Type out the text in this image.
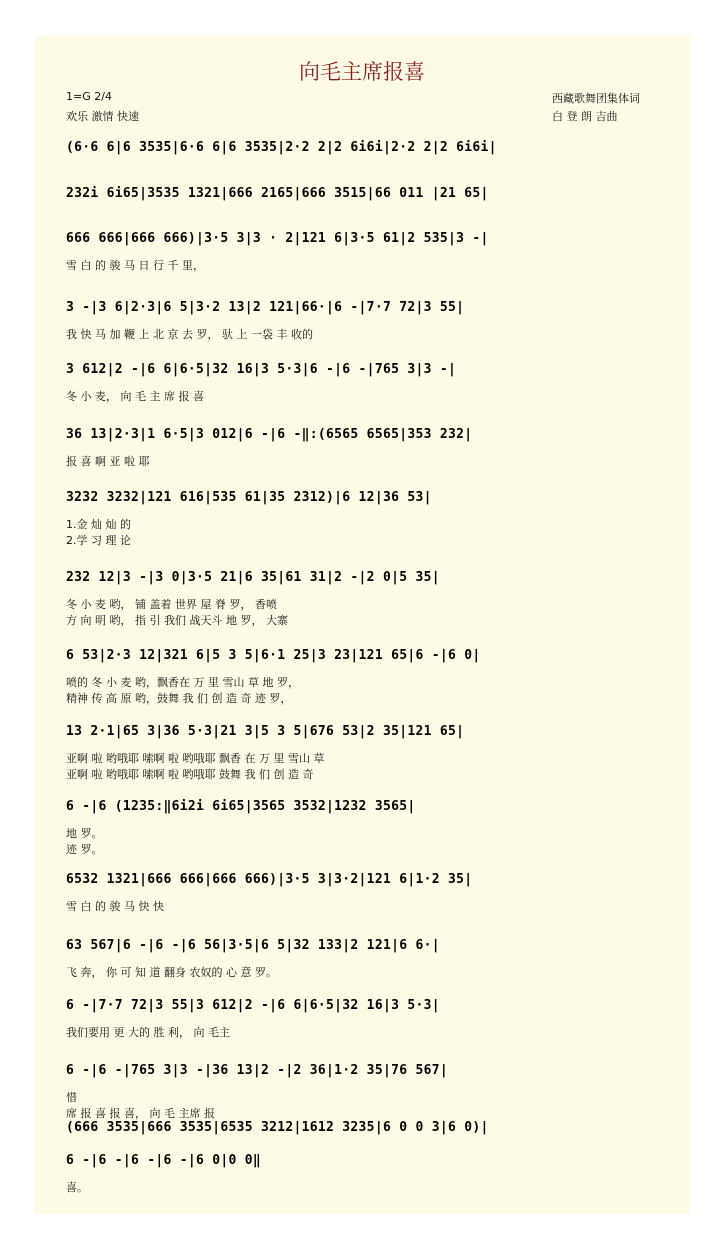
向毛主席报喜
1=G 2/4
欢乐 激情 快速
西藏歌舞团集体词
白 登 朗 吉曲
(6·6 6|6 3535|6·6 6|6 3535|2·2 2|2 6i6i|2·2 2|2 6i6i|
232i 6i65|3535 1321|666 2165|666 3515|66 011 |21 65|
666 666|666 666)|3·5 3|3 · 2|121 6|3·5 61|2 535|3 -|
雪 白 的 骏 马 日 行 千 里，
3 -|3 6|2·3|6 5|3·2 13|2 121|66·|6 -|7·7 72|3 55|
我 快 马 加 鞭 上 北 京 去 罗， 驮 上 一袋 丰 收的
3 612|2 -|6 6|6·5|32 16|3 5·3|6 -|6 -|765 3|3 -|
冬 小 麦， 向 毛 主 席 报 喜
36 13|2·3|1 6·5|3 012|6 -|6 -‖:(6565 6565|353 232|
报 喜 啊 亚 啦 耶
3232 3232|121 616|535 61|35 2312)|6 12|36 53|
1.金 灿 灿 的
2.学 习 理 论
232 12|3 -|3 0|3·5 21|6 35|61 31|2 -|2 0|5 35|
冬 小 麦 哟， 铺 盖着 世界 屋 脊 罗， 香喷
方 向 明 哟， 指 引 我们 战天斗 地 罗， 大寨
6 53|2·3 12|321 6|5 3 5|6·1 25|3 23|121 65|6 -|6 0|
喷的 冬 小 麦 哟，飘香在 万 里 雪山 草 地 罗，
精神 传 高 原 哟，鼓舞 我 们 创 造 奇 迹 罗，
13 2·1|65 3|36 5·3|21 3|5 3 5|676 53|2 35|121 65|
亚啊 啦 哟哦耶 嗦啊 啦 哟哦耶 飘香 在 万 里 雪山 草
亚啊 啦 哟哦耶 嗦啊 啦 哟哦耶 鼓舞 我 们 创 造 奇
6 -|6 (1235:‖6i2i 6i65|3565 3532|1232 3565|
地 罗。
迹 罗。
6532 1321|666 666|666 666)|3·5 3|3·2|121 6|1·2 35|
雪 白 的 骏 马 快 快
63 567|6 -|6 -|6 56|3·5|6 5|32 133|2 121|6 6·|
飞 奔， 你 可 知 道 翻身 农奴的 心 意 罗。
6 -|7·7 72|3 55|3 612|2 -|6 6|6·5|32 16|3 5·3|
我们要用 更 大的 胜 利， 向 毛主
6 -|6 -|765 3|3 -|36 13|2 -|2 36|1·2 35|76 567|
惜
席 报 喜 报 喜， 向 毛 主席 报
(666 3535|666 3535|6535 3212|1612 3235|6 0 0 3|6 0)|
6 -|6 -|6 -|6 -|6 0|0 0‖
喜。
